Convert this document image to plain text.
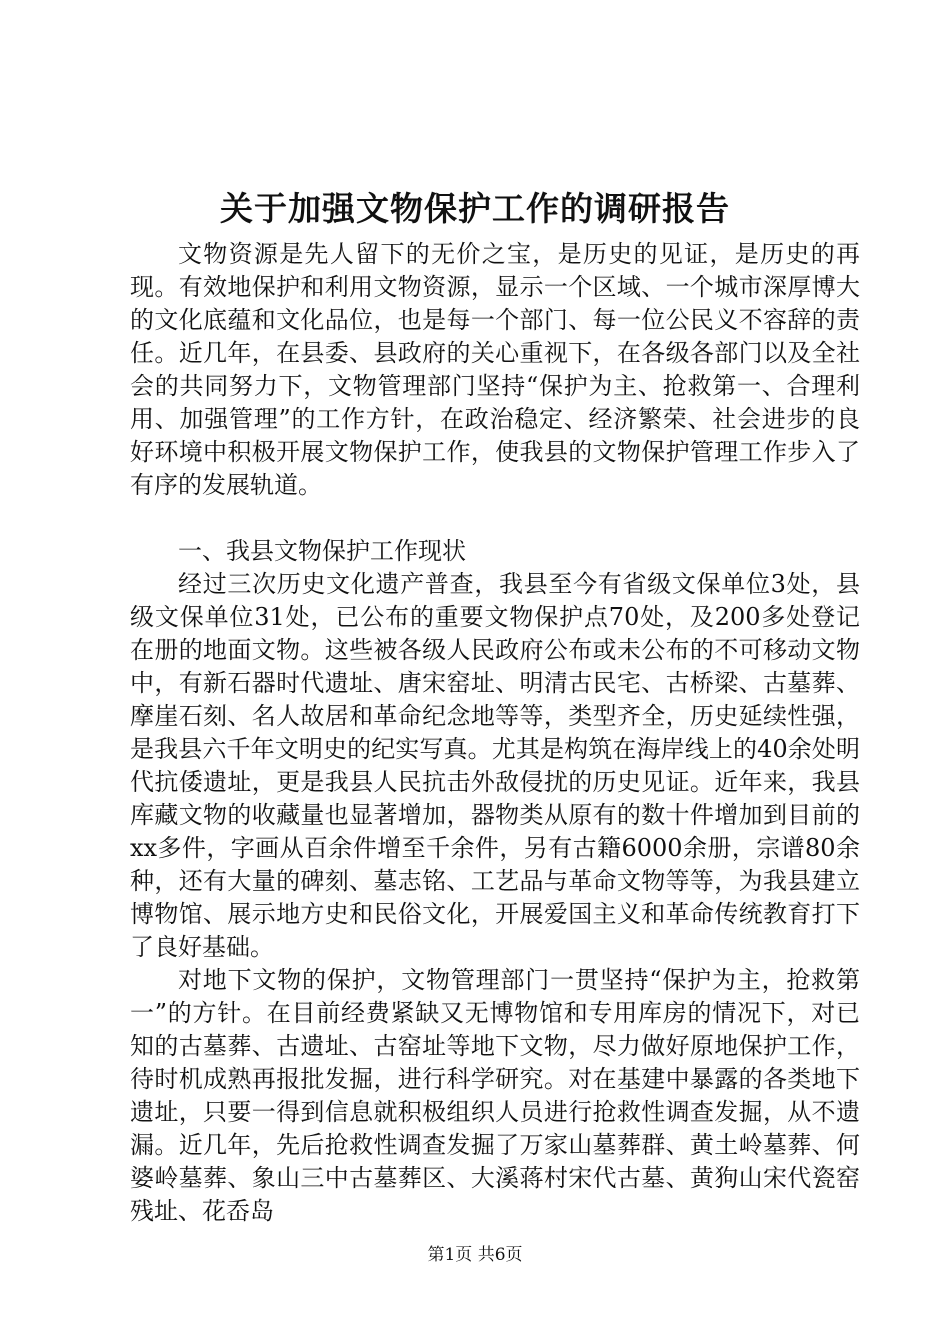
关于加强文物保护工作的调研报告

文物资源是先人留下的无价之宝，是历史的见证，是历史的再现。有效地保护和利用文物资源，显示一个区域、一个城市深厚博大的文化底蕴和文化品位，也是每一个部门、每一位公民义不容辞的责任。近几年，在县委、县政府的关心重视下，在各级各部门以及全社会的共同努力下，文物管理部门坚持“保护为主、抢救第一、合理利用、加强管理”的工作方针，在政治稳定、经济繁荣、社会进步的良好环境中积极开展文物保护工作，使我县的文物保护管理工作步入了有序的发展轨道。

一、我县文物保护工作现状

经过三次历史文化遗产普查，我县至今有省级文保单位3处，县级文保单位31处，已公布的重要文物保护点70处，及200多处登记在册的地面文物。这些被各级人民政府公布或未公布的不可移动文物中，有新石器时代遗址、唐宋窑址、明清古民宅、古桥梁、古墓葬、摩崖石刻、名人故居和革命纪念地等等，类型齐全，历史延续性强，是我县六千年文明史的纪实写真。尤其是构筑在海岸线上的40余处明代抗倭遗址，更是我县人民抗击外敌侵扰的历史见证。近年来，我县库藏文物的收藏量也显著增加，器物类从原有的数十件增加到目前的xx多件，字画从百余件增至千余件，另有古籍6000余册，宗谱80余种，还有大量的碑刻、墓志铭、工艺品与革命文物等等，为我县建立博物馆、展示地方史和民俗文化，开展爱国主义和革命传统教育打下了良好基础。

对地下文物的保护，文物管理部门一贯坚持“保护为主，抢救第一”的方针。在目前经费紧缺又无博物馆和专用库房的情况下，对已知的古墓葬、古遗址、古窑址等地下文物，尽力做好原地保护工作，待时机成熟再报批发掘，进行科学研究。对在基建中暴露的各类地下遗址，只要一得到信息就积极组织人员进行抢救性调查发掘，从不遗漏。近几年，先后抢救性调查发掘了万家山墓葬群、黄土岭墓葬、何婆岭墓葬、象山三中古墓葬区、大溪蒋村宋代古墓、黄狗山宋代瓷窑残址、花岙岛

第1页 共6页
